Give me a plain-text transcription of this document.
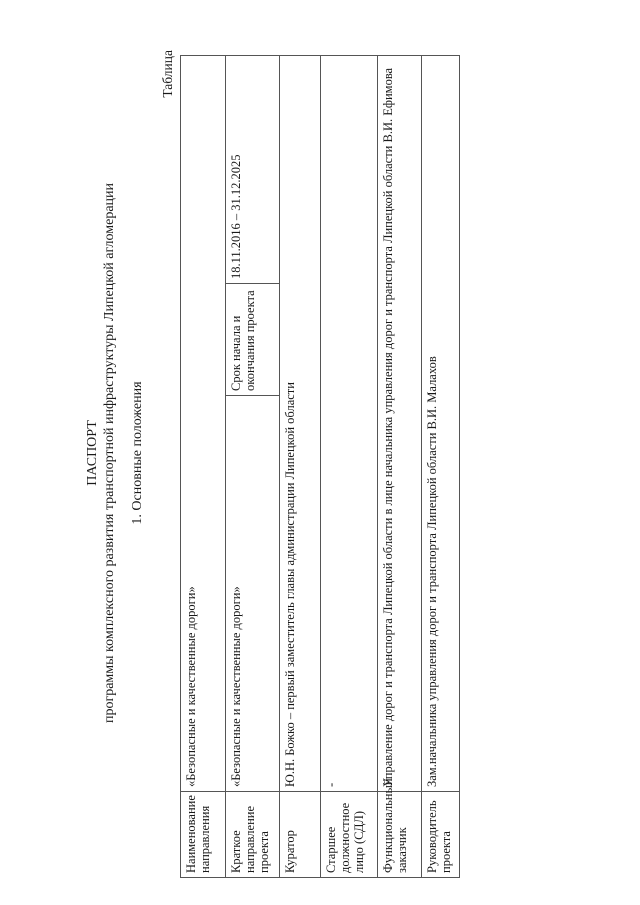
Таблица
ПАСПОРТ программы комплексного развития транспортной инфраструктуры Липецкой агломерации 1. Основные положения
Наименование направления	«Безопасные и качественные дороги»		
Краткое направление проекта	«Безопасные и качественные дороги»	Срок начала и окончания проекта	18.11.2016 – 31.12.2025
Куратор	Ю.Н. Божко – первый заместитель главы администрации Липецкой области		
Старшее должностное лицо (СДЛ)	-		
Функциональный заказчик	Управление дорог и транспорта Липецкой области в лице начальника управления дорог и транспорта Липецкой области В.И. Ефимова		
Руководитель проекта	Зам.начальника управления дорог и транспорта Липецкой области В.И. Малахов		
